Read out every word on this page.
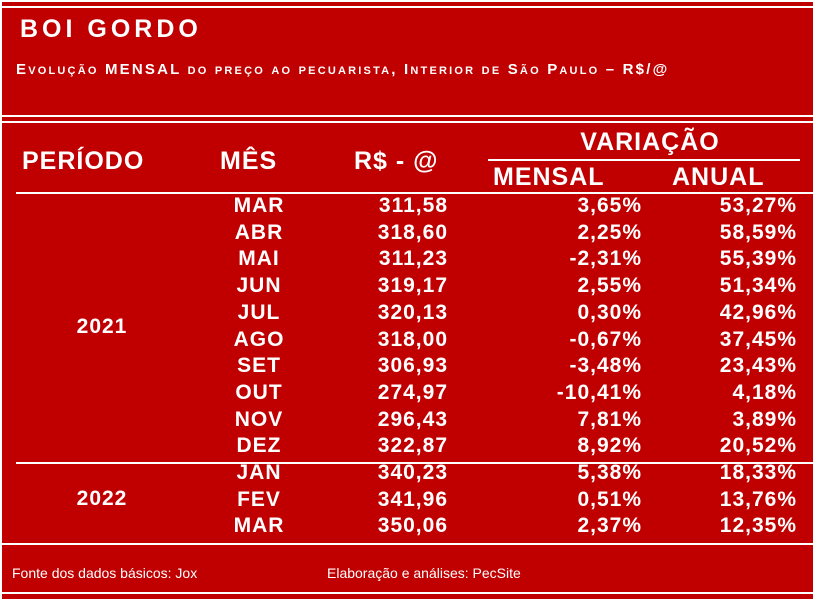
BOI GORDO
Evolução MENSAL do preço ao pecuarista, Interior de São Paulo – R$/@
PERÍODO	MÊS	R$ - @
VARIAÇÃO
MENSAL	ANUAL
2021
MAR	311,58	3,65%	53,27%
ABR	318,60	2,25%	58,59%
MAI	311,23	-2,31%	55,39%
JUN	319,17	2,55%	51,34%
JUL	320,13	0,30%	42,96%
AGO	318,00	-0,67%	37,45%
SET	306,93	-3,48%	23,43%
OUT	274,97	-10,41%	4,18%
NOV	296,43	7,81%	3,89%
DEZ	322,87	8,92%	20,52%
2022
JAN	340,23	5,38%	18,33%
FEV	341,96	0,51%	13,76%
MAR	350,06	2,37%	12,35%
Fonte dos dados básicos: Jox	Elaboração e análises: PecSite
